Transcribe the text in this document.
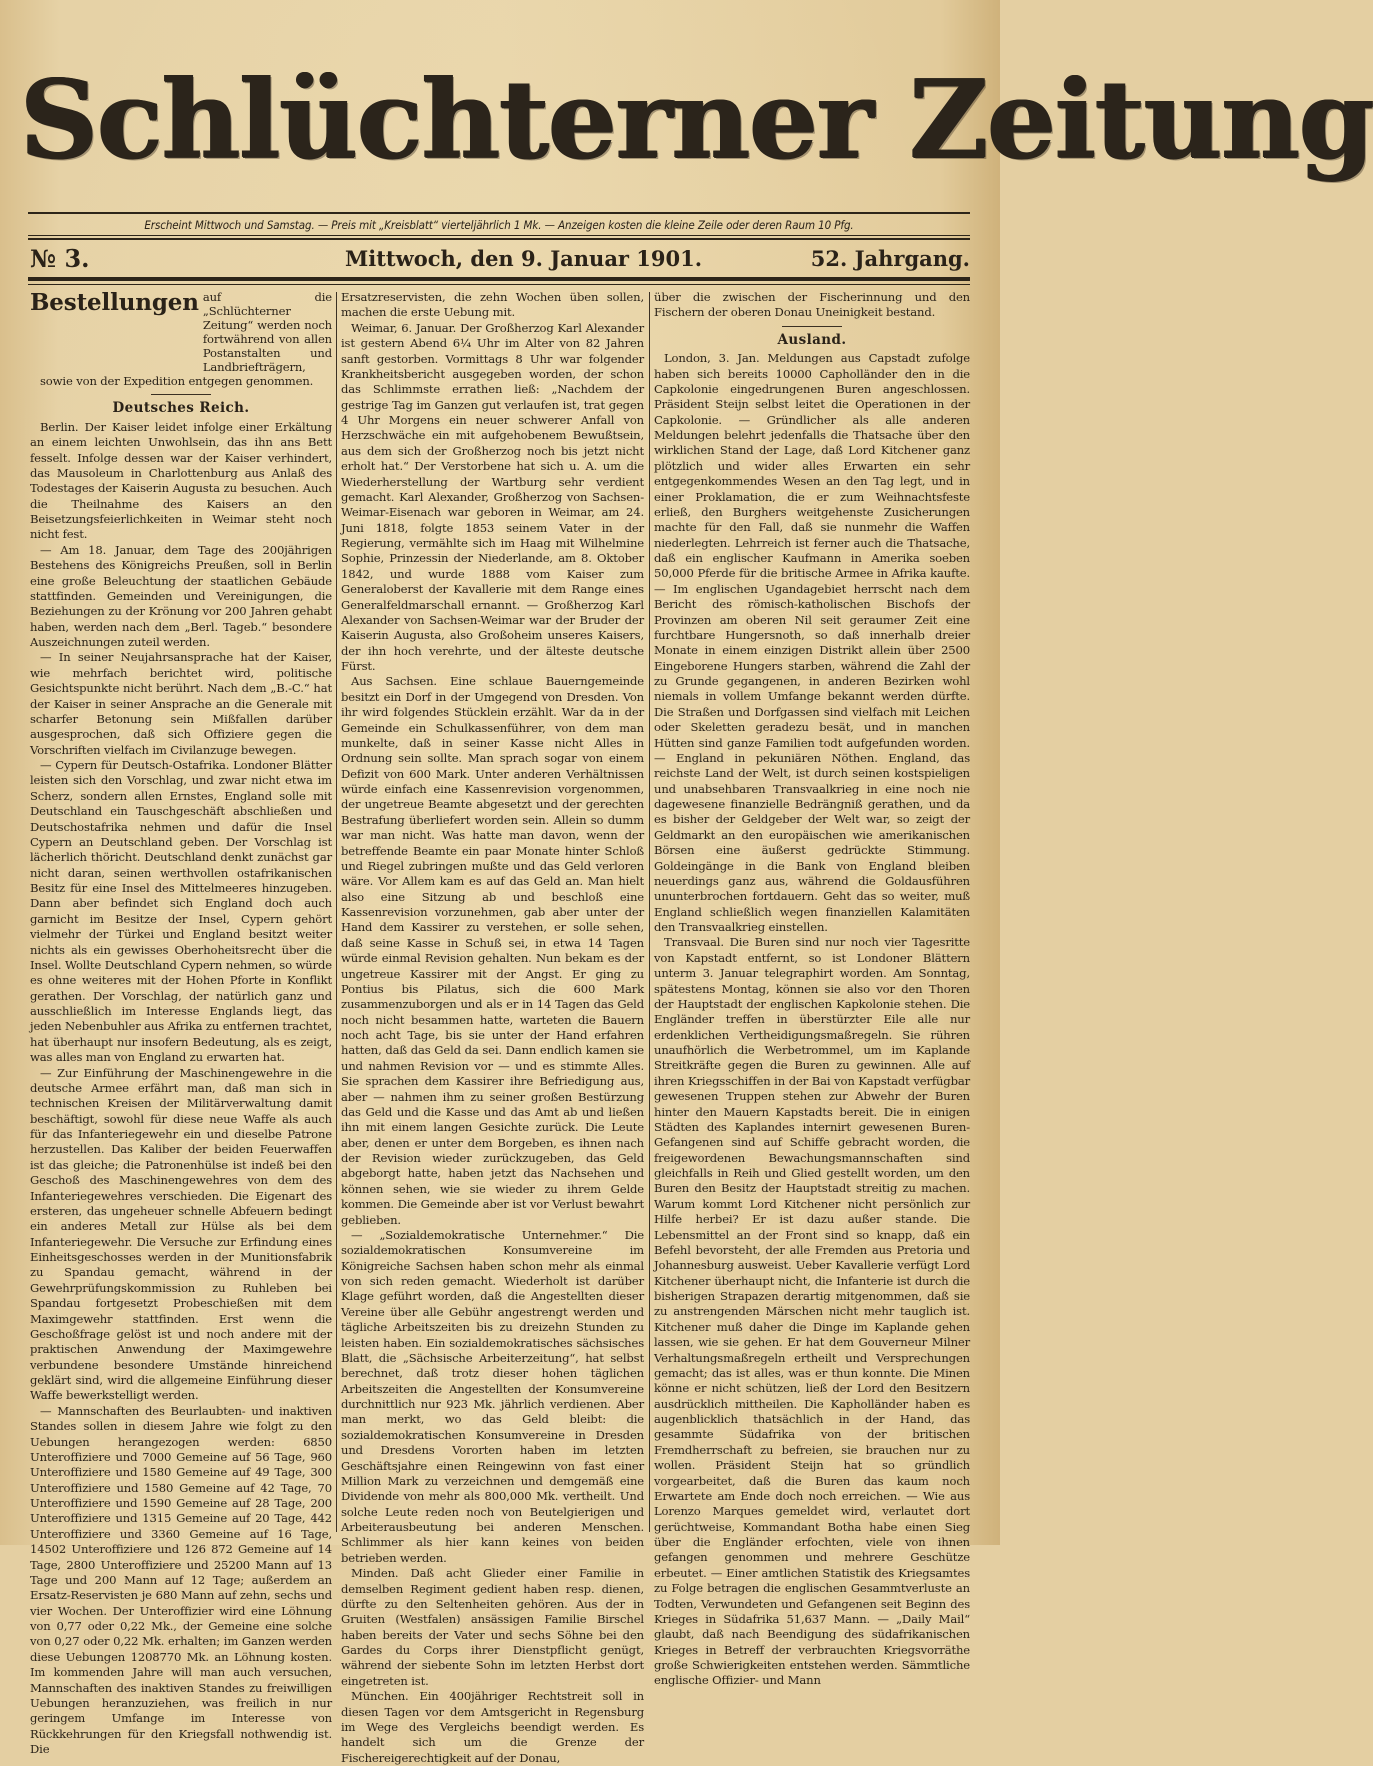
Schlüchterner Zeitung
Erscheint Mittwoch und Samstag. — Preis mit „Kreisblatt“ vierteljährlich 1 Mk. — Anzeigen kosten die kleine Zeile oder deren Raum 10 Pfg.
№ 3.	Mittwoch, den 9. Januar 1901.	52. Jahrgang.
Bestellungen auf die „Schlüchterner Zeitung“ werden noch fortwährend von allen Postanstalten und Landbriefträgern,

sowie von der Expedition entgegen genommen.

Deutsches Reich.

Berlin. Der Kaiser leidet infolge einer Erkältung an einem leichten Unwohlsein, das ihn ans Bett fesselt. Infolge dessen war der Kaiser verhindert, das Mausoleum in Charlottenburg aus Anlaß des Todestages der Kaiserin Augusta zu besuchen. Auch die Theilnahme des Kaisers an den Beisetzungsfeierlichkeiten in Weimar steht noch nicht fest.

— Am 18. Januar, dem Tage des 200jährigen Bestehens des Königreichs Preußen, soll in Berlin eine große Beleuchtung der staatlichen Gebäude stattfinden. Gemeinden und Vereinigungen, die Beziehungen zu der Krönung vor 200 Jahren gehabt haben, werden nach dem „Berl. Tageb.“ besondere Auszeichnungen zuteil werden.

— In seiner Neujahrsansprache hat der Kaiser, wie mehrfach berichtet wird, politische Gesichtspunkte nicht berührt. Nach dem „B.-C.“ hat der Kaiser in seiner Ansprache an die Generale mit scharfer Betonung sein Mißfallen darüber ausgesprochen, daß sich Offiziere gegen die Vorschriften vielfach im Civilanzuge bewegen.

— Cypern für Deutsch-Ostafrika. Londoner Blätter leisten sich den Vorschlag, und zwar nicht etwa im Scherz, sondern allen Ernstes, England solle mit Deutschland ein Tauschgeschäft abschließen und Deutschostafrika nehmen und dafür die Insel Cypern an Deutschland geben. Der Vorschlag ist lächerlich thöricht. Deutschland denkt zunächst gar nicht daran, seinen werthvollen ostafrikanischen Besitz für eine Insel des Mittelmeeres hinzugeben. Dann aber befindet sich England doch auch garnicht im Besitze der Insel, Cypern gehört vielmehr der Türkei und England besitzt weiter nichts als ein gewisses Oberhoheitsrecht über die Insel. Wollte Deutschland Cypern nehmen, so würde es ohne weiteres mit der Hohen Pforte in Konflikt gerathen. Der Vorschlag, der natürlich ganz und ausschließlich im Interesse Englands liegt, das jeden Nebenbuhler aus Afrika zu entfernen trachtet, hat überhaupt nur insofern Bedeutung, als es zeigt, was alles man von England zu erwarten hat.

— Zur Einführung der Maschinengewehre in die deutsche Armee erfährt man, daß man sich in technischen Kreisen der Militärverwaltung damit beschäftigt, sowohl für diese neue Waffe als auch für das Infanteriegewehr ein und dieselbe Patrone herzustellen. Das Kaliber der beiden Feuerwaffen ist das gleiche; die Patronenhülse ist indeß bei den Geschoß des Maschinengewehres von dem des Infanteriegewehres verschieden. Die Eigenart des ersteren, das ungeheuer schnelle Abfeuern bedingt ein anderes Metall zur Hülse als bei dem Infanteriegewehr. Die Versuche zur Erfindung eines Einheitsgeschosses werden in der Munitionsfabrik zu Spandau gemacht, während in der Gewehrprüfungskommission zu Ruhleben bei Spandau fortgesetzt Probeschießen mit dem Maximgewehr stattfinden. Erst wenn die Geschoßfrage gelöst ist und noch andere mit der praktischen Anwendung der Maximgewehre verbundene besondere Umstände hinreichend geklärt sind, wird die allgemeine Einführung dieser Waffe bewerkstelligt werden.

— Mannschaften des Beurlaubten- und inaktiven Standes sollen in diesem Jahre wie folgt zu den Uebungen herangezogen werden: 6850 Unteroffiziere und 7000 Gemeine auf 56 Tage, 960 Unteroffiziere und 1580 Gemeine auf 49 Tage, 300 Unteroffiziere und 1580 Gemeine auf 42 Tage, 70 Unteroffiziere und 1590 Gemeine auf 28 Tage, 200 Unteroffiziere und 1315 Gemeine auf 20 Tage, 442 Unteroffiziere und 3360 Gemeine auf 16 Tage, 14502 Unteroffiziere und 126 872 Gemeine auf 14 Tage, 2800 Unteroffiziere und 25200 Mann auf 13 Tage und 200 Mann auf 12 Tage; außerdem an Ersatz-Reservisten je 680 Mann auf zehn, sechs und vier Wochen. Der Unteroffizier wird eine Löhnung von 0,77 oder 0,22 Mk., der Gemeine eine solche von 0,27 oder 0,22 Mk. erhalten; im Ganzen werden diese Uebungen 1208770 Mk. an Löhnung kosten. Im kommenden Jahre will man auch versuchen, Mannschaften des inaktiven Standes zu freiwilligen Uebungen heranzuziehen, was freilich in nur geringem Umfange im Interesse von Rückkehrungen für den Kriegsfall nothwendig ist. Die

Ersatzreservisten, die zehn Wochen üben sollen, machen die erste Uebung mit.

Weimar, 6. Januar. Der Großherzog Karl Alexander ist gestern Abend 6¼ Uhr im Alter von 82 Jahren sanft gestorben. Vormittags 8 Uhr war folgender Krankheitsbericht ausgegeben worden, der schon das Schlimmste errathen ließ: „Nachdem der gestrige Tag im Ganzen gut verlaufen ist, trat gegen 4 Uhr Morgens ein neuer schwerer Anfall von Herzschwäche ein mit aufgehobenem Bewußtsein, aus dem sich der Großherzog noch bis jetzt nicht erholt hat.“ Der Verstorbene hat sich u. A. um die Wiederherstellung der Wartburg sehr verdient gemacht. Karl Alexander, Großherzog von Sachsen-Weimar-Eisenach war geboren in Weimar, am 24. Juni 1818, folgte 1853 seinem Vater in der Regierung, vermählte sich im Haag mit Wilhelmine Sophie, Prinzessin der Niederlande, am 8. Oktober 1842, und wurde 1888 vom Kaiser zum Generaloberst der Kavallerie mit dem Range eines Generalfeldmarschall ernannt. — Großherzog Karl Alexander von Sachsen-Weimar war der Bruder der Kaiserin Augusta, also Großoheim unseres Kaisers, der ihn hoch verehrte, und der älteste deutsche Fürst.

Aus Sachsen. Eine schlaue Bauerngemeinde besitzt ein Dorf in der Umgegend von Dresden. Von ihr wird folgendes Stücklein erzählt. War da in der Gemeinde ein Schulkassenführer, von dem man munkelte, daß in seiner Kasse nicht Alles in Ordnung sein sollte. Man sprach sogar von einem Defizit von 600 Mark. Unter anderen Verhältnissen würde einfach eine Kassenrevision vorgenommen, der ungetreue Beamte abgesetzt und der gerechten Bestrafung überliefert worden sein. Allein so dumm war man nicht. Was hatte man davon, wenn der betreffende Beamte ein paar Monate hinter Schloß und Riegel zubringen mußte und das Geld verloren wäre. Vor Allem kam es auf das Geld an. Man hielt also eine Sitzung ab und beschloß eine Kassenrevision vorzunehmen, gab aber unter der Hand dem Kassirer zu verstehen, er solle sehen, daß seine Kasse in Schuß sei, in etwa 14 Tagen würde einmal Revision gehalten. Nun bekam es der ungetreue Kassirer mit der Angst. Er ging zu Pontius bis Pilatus, sich die 600 Mark zusammenzuborgen und als er in 14 Tagen das Geld noch nicht besammen hatte, warteten die Bauern noch acht Tage, bis sie unter der Hand erfahren hatten, daß das Geld da sei. Dann endlich kamen sie und nahmen Revision vor — und es stimmte Alles. Sie sprachen dem Kassirer ihre Befriedigung aus, aber — nahmen ihm zu seiner großen Bestürzung das Geld und die Kasse und das Amt ab und ließen ihn mit einem langen Gesichte zurück. Die Leute aber, denen er unter dem Borgeben, es ihnen nach der Revision wieder zurückzugeben, das Geld abgeborgt hatte, haben jetzt das Nachsehen und können sehen, wie sie wieder zu ihrem Gelde kommen. Die Gemeinde aber ist vor Verlust bewahrt geblieben.

— „Sozialdemokratische Unternehmer.“ Die sozialdemokratischen Konsumvereine im Königreiche Sachsen haben schon mehr als einmal von sich reden gemacht. Wiederholt ist darüber Klage geführt worden, daß die Angestellten dieser Vereine über alle Gebühr angestrengt werden und tägliche Arbeitszeiten bis zu dreizehn Stunden zu leisten haben. Ein sozialdemokratisches sächsisches Blatt, die „Sächsische Arbeiterzeitung“, hat selbst berechnet, daß trotz dieser hohen täglichen Arbeitszeiten die Angestellten der Konsumvereine durchnittlich nur 923 Mk. jährlich verdienen. Aber man merkt, wo das Geld bleibt: die sozialdemokratischen Konsumvereine in Dresden und Dresdens Vororten haben im letzten Geschäftsjahre einen Reingewinn von fast einer Million Mark zu verzeichnen und demgemäß eine Dividende von mehr als 800,000 Mk. vertheilt. Und solche Leute reden noch von Beutelgierigen und Arbeiterausbeutung bei anderen Menschen. Schlimmer als hier kann keines von beiden betrieben werden.

Minden. Daß acht Glieder einer Familie in demselben Regiment gedient haben resp. dienen, dürfte zu den Seltenheiten gehören. Aus der in Gruiten (Westfalen) ansässigen Familie Birschel haben bereits der Vater und sechs Söhne bei den Gardes du Corps ihrer Dienstpflicht genügt, während der siebente Sohn im letzten Herbst dort eingetreten ist.

München. Ein 400jähriger Rechtstreit soll in diesen Tagen vor dem Amtsgericht in Regensburg im Wege des Vergleichs beendigt werden. Es handelt sich um die Grenze der Fischereigerechtigkeit auf der Donau,

über die zwischen der Fischerinnung und den Fischern der oberen Donau Uneinigkeit bestand.

Ausland.

London, 3. Jan. Meldungen aus Capstadt zufolge haben sich bereits 10000 Capholländer den in die Capkolonie eingedrungenen Buren angeschlossen. Präsident Steijn selbst leitet die Operationen in der Capkolonie. — Gründlicher als alle anderen Meldungen belehrt jedenfalls die Thatsache über den wirklichen Stand der Lage, daß Lord Kitchener ganz plötzlich und wider alles Erwarten ein sehr entgegenkommendes Wesen an den Tag legt, und in einer Proklamation, die er zum Weihnachtsfeste erließ, den Burghers weitgehenste Zusicherungen machte für den Fall, daß sie nunmehr die Waffen niederlegten. Lehrreich ist ferner auch die Thatsache, daß ein englischer Kaufmann in Amerika soeben 50,000 Pferde für die britische Armee in Afrika kaufte. — Im englischen Ugandagebiet herrscht nach dem Bericht des römisch-katholischen Bischofs der Provinzen am oberen Nil seit geraumer Zeit eine furchtbare Hungersnoth, so daß innerhalb dreier Monate in einem einzigen Distrikt allein über 2500 Eingeborene Hungers starben, während die Zahl der zu Grunde gegangenen, in anderen Bezirken wohl niemals in vollem Umfange bekannt werden dürfte. Die Straßen und Dorfgassen sind vielfach mit Leichen oder Skeletten geradezu besät, und in manchen Hütten sind ganze Familien todt aufgefunden worden. — England in pekuniären Nöthen. England, das reichste Land der Welt, ist durch seinen kostspieligen und unabsehbaren Transvaalkrieg in eine noch nie dagewesene finanzielle Bedrängniß gerathen, und da es bisher der Geldgeber der Welt war, so zeigt der Geldmarkt an den europäischen wie amerikanischen Börsen eine äußerst gedrückte Stimmung. Goldeingänge in die Bank von England bleiben neuerdings ganz aus, während die Goldausführen ununterbrochen fortdauern. Geht das so weiter, muß England schließlich wegen finanziellen Kalamitäten den Transvaalkrieg einstellen.

Transvaal. Die Buren sind nur noch vier Tagesritte von Kapstadt entfernt, so ist Londoner Blättern unterm 3. Januar telegraphirt worden. Am Sonntag, spätestens Montag, können sie also vor den Thoren der Hauptstadt der englischen Kapkolonie stehen. Die Engländer treffen in überstürzter Eile alle nur erdenklichen Vertheidigungsmaßregeln. Sie rühren unaufhörlich die Werbetrommel, um im Kaplande Streitkräfte gegen die Buren zu gewinnen. Alle auf ihren Kriegsschiffen in der Bai von Kapstadt verfügbar gewesenen Truppen stehen zur Abwehr der Buren hinter den Mauern Kapstadts bereit. Die in einigen Städten des Kaplandes internirt gewesenen Buren-Gefangenen sind auf Schiffe gebracht worden, die freigewordenen Bewachungsmannschaften sind gleichfalls in Reih und Glied gestellt worden, um den Buren den Besitz der Hauptstadt streitig zu machen. Warum kommt Lord Kitchener nicht persönlich zur Hilfe herbei? Er ist dazu außer stande. Die Lebensmittel an der Front sind so knapp, daß ein Befehl bevorsteht, der alle Fremden aus Pretoria und Johannesburg ausweist. Ueber Kavallerie verfügt Lord Kitchener überhaupt nicht, die Infanterie ist durch die bisherigen Strapazen derartig mitgenommen, daß sie zu anstrengenden Märschen nicht mehr tauglich ist. Kitchener muß daher die Dinge im Kaplande gehen lassen, wie sie gehen. Er hat dem Gouverneur Milner Verhaltungsmaßregeln ertheilt und Versprechungen gemacht; das ist alles, was er thun konnte. Die Minen könne er nicht schützen, ließ der Lord den Besitzern ausdrücklich mittheilen. Die Kapholländer haben es augenblicklich thatsächlich in der Hand, das gesammte Südafrika von der britischen Fremdherrschaft zu befreien, sie brauchen nur zu wollen. Präsident Steijn hat so gründlich vorgearbeitet, daß die Buren das kaum noch Erwartete am Ende doch noch erreichen. — Wie aus Lorenzo Marques gemeldet wird, verlautet dort gerüchtweise, Kommandant Botha habe einen Sieg über die Engländer erfochten, viele von ihnen gefangen genommen und mehrere Geschütze erbeutet. — Einer amtlichen Statistik des Kriegsamtes zu Folge betragen die englischen Gesammtverluste an Todten, Verwundeten und Gefangenen seit Beginn des Krieges in Südafrika 51,637 Mann. — „Daily Mail“ glaubt, daß nach Beendigung des südafrikanischen Krieges in Betreff der verbrauchten Kriegsvorräthe große Schwierigkeiten entstehen werden. Sämmtliche englische Offizier- und Mann
